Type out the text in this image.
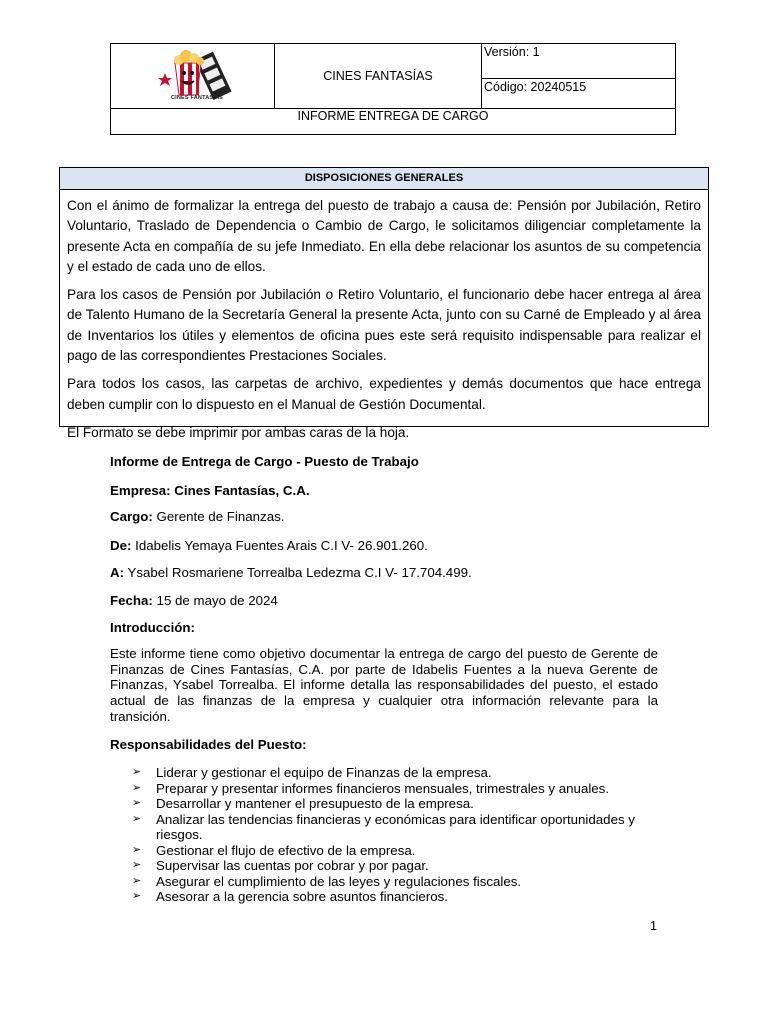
CINES FANTASÍAS
CINES FANTASÍAS
Versión: 1
Código: 20240515
INFORME ENTREGA DE CARGO
DISPOSICIONES GENERALES

Con el ánimo de formalizar la entrega del puesto de trabajo a causa de: Pensión por Jubilación, Retiro Voluntario, Traslado de Dependencia o Cambio de Cargo, le solicitamos diligenciar completamente la presente Acta en compañía de su jefe Inmediato. En ella debe relacionar los asuntos de su competencia y el estado de cada uno de ellos.

Para los casos de Pensión por Jubilación o Retiro Voluntario, el funcionario debe hacer entrega al área de Talento Humano de la Secretaría General la presente Acta, junto con su Carné de Empleado y al área de Inventarios los útiles y elementos de oficina pues este será requisito indispensable para realizar el pago de las correspondientes Prestaciones Sociales.

Para todos los casos, las carpetas de archivo, expedientes y demás documentos que hace entrega deben cumplir con lo dispuesto en el Manual de Gestión Documental.

El Formato se debe imprimir por ambas caras de la hoja.

Informe de Entrega de Cargo - Puesto de Trabajo
Empresa: Cines Fantasías, C.A.
Cargo: Gerente de Finanzas.
De: Idabelis Yemaya Fuentes Arais C.I V- 26.901.260.
A: Ysabel Rosmariene Torrealba Ledezma C.I V- 17.704.499.
Fecha: 15 de mayo de 2024
Introducción:
Este informe tiene como objetivo documentar la entrega de cargo del puesto de Gerente de Finanzas de Cines Fantasías, C.A. por parte de Idabelis Fuentes a la nueva Gerente de Finanzas, Ysabel Torrealba. El informe detalla las responsabilidades del puesto, el estado actual de las finanzas de la empresa y cualquier otra información relevante para la transición.
Responsabilidades del Puesto:
➢ Liderar y gestionar el equipo de Finanzas de la empresa.
➢ Preparar y presentar informes financieros mensuales, trimestrales y anuales.
➢ Desarrollar y mantener el presupuesto de la empresa.
➢ Analizar las tendencias financieras y económicas para identificar oportunidades y riesgos.
➢ Gestionar el flujo de efectivo de la empresa.
➢ Supervisar las cuentas por cobrar y por pagar.
➢ Asegurar el cumplimiento de las leyes y regulaciones fiscales.
➢ Asesorar a la gerencia sobre asuntos financieros.
1
